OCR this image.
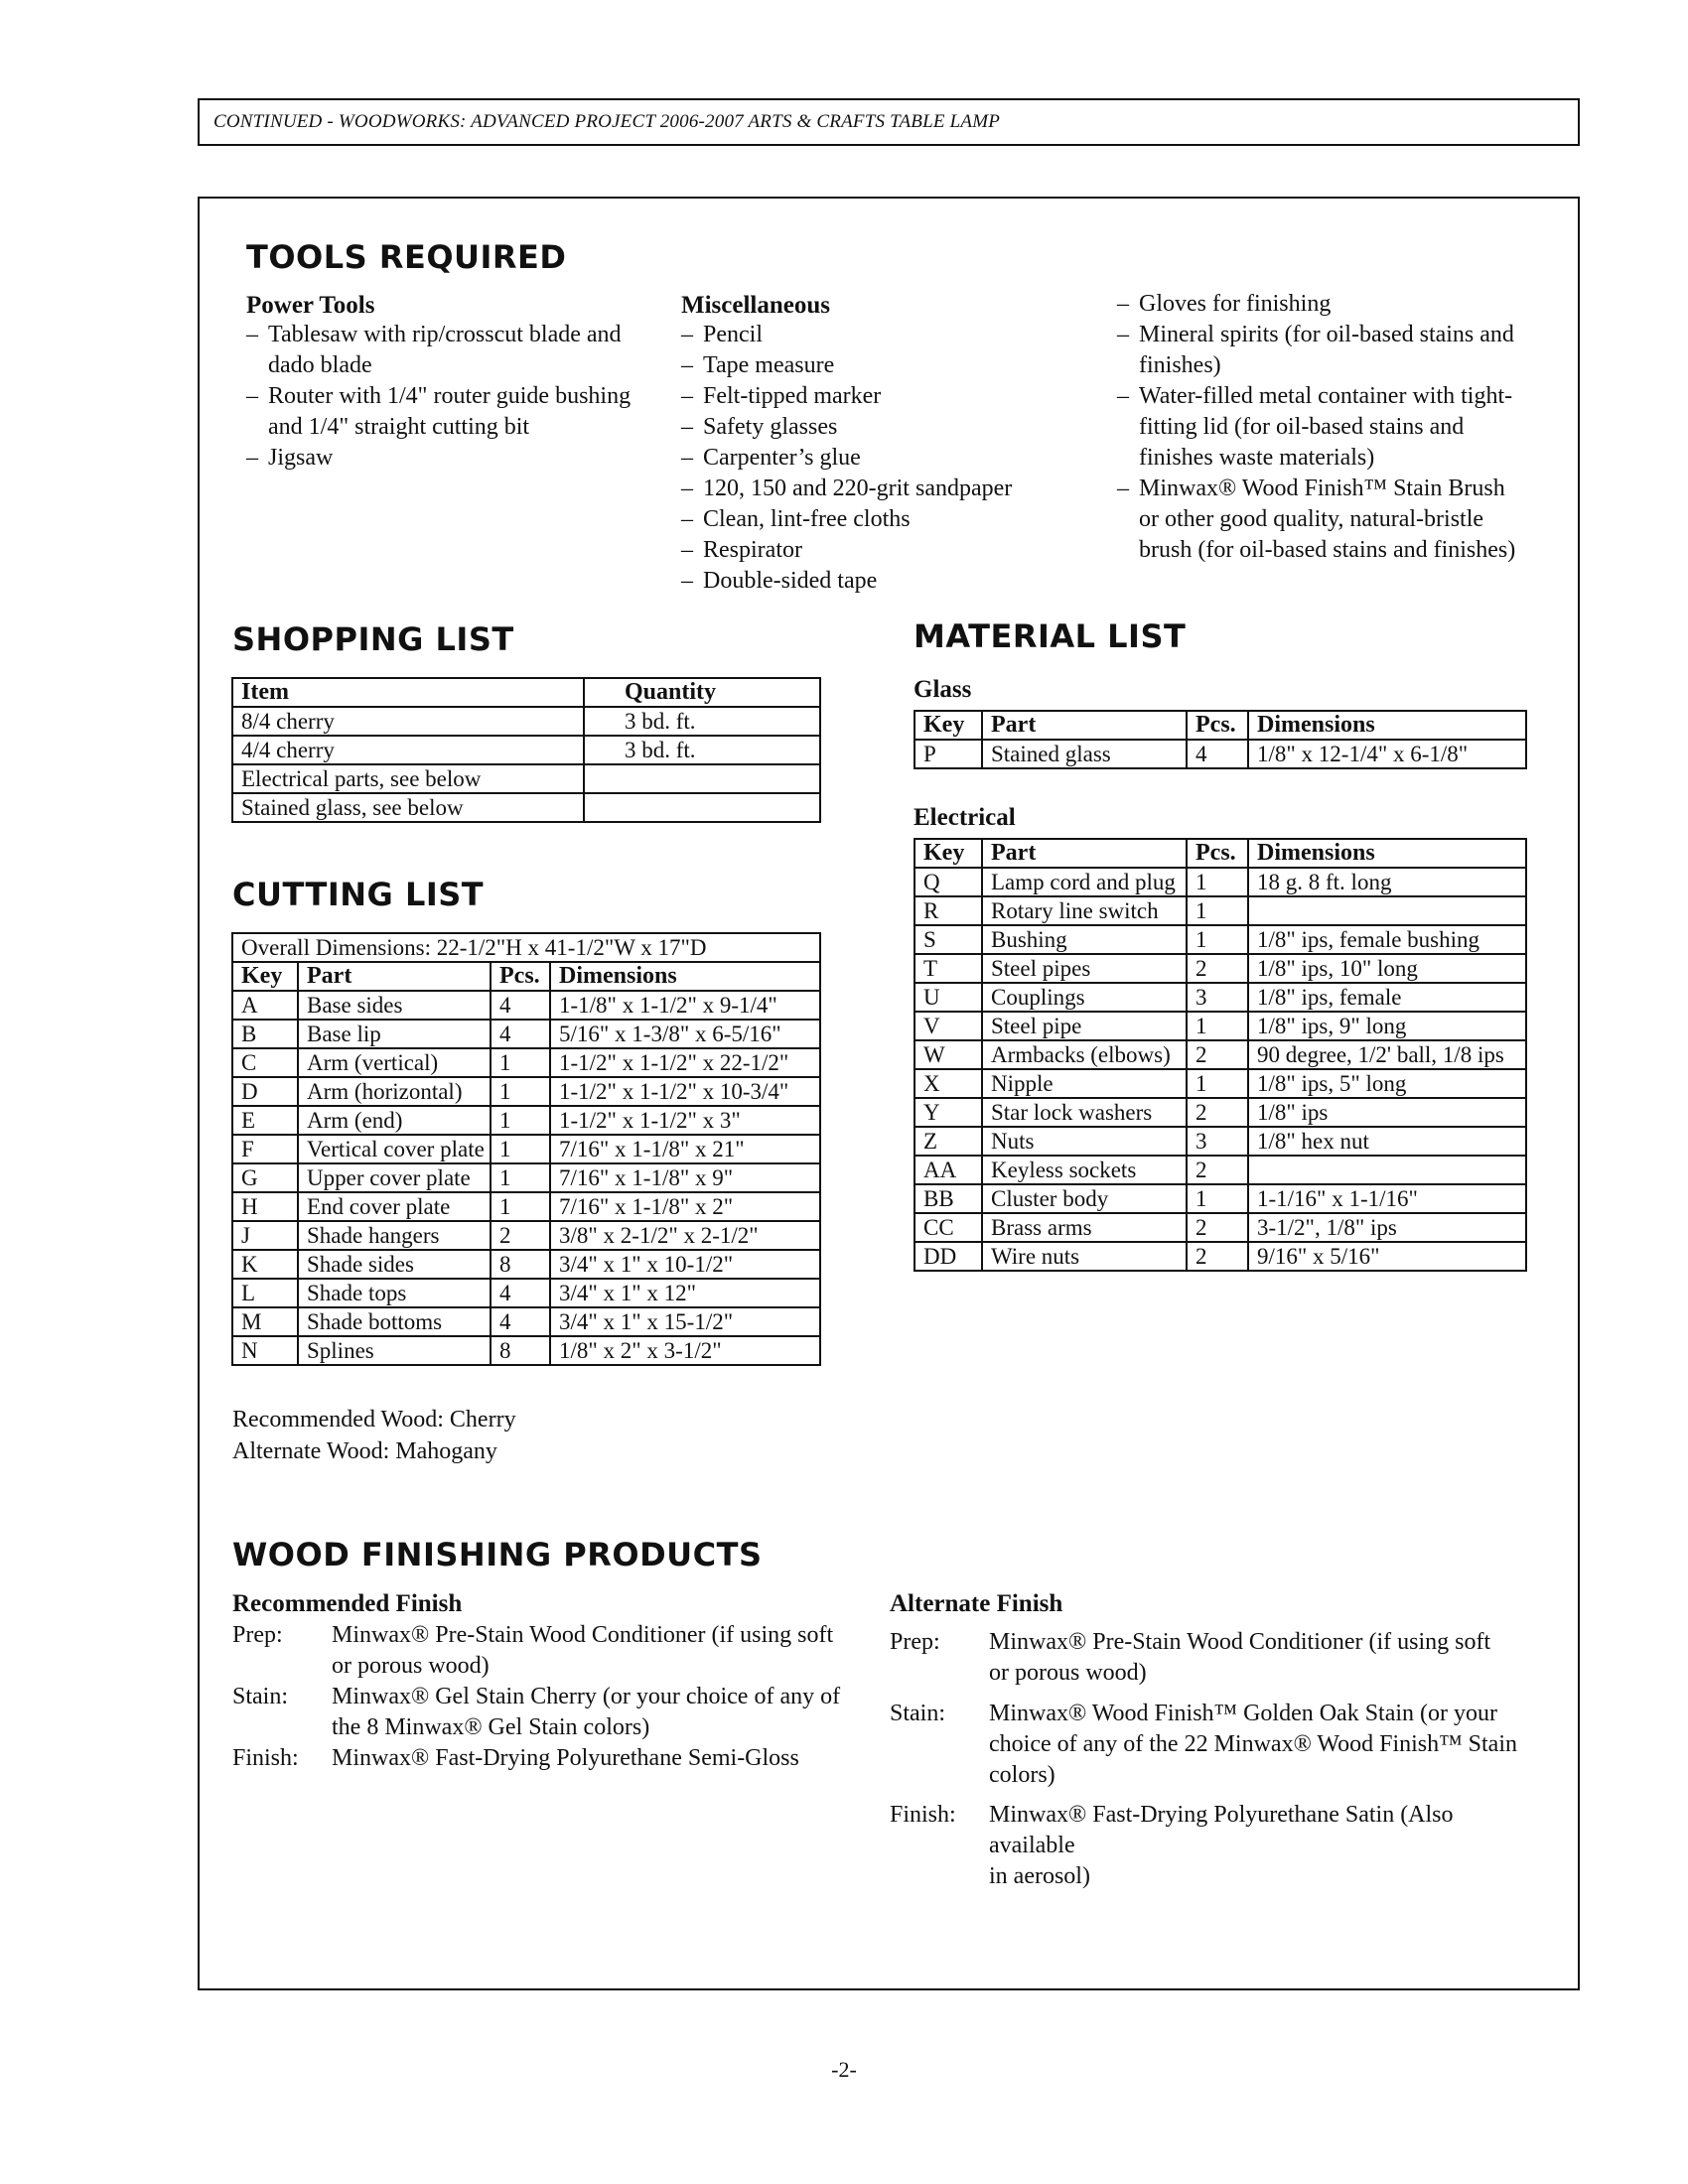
CONTINUED - WOODWORKS: ADVANCED PROJECT 2006-2007 ARTS & CRAFTS TABLE LAMP
TOOLS REQUIRED
Power Tools
– Tablesaw with rip/crosscut blade and dado blade
– Router with 1/4" router guide bushing and 1/4" straight cutting bit
– Jigsaw
Miscellaneous
– Pencil
– Tape measure
– Felt-tipped marker
– Safety glasses
– Carpenter’s glue
– 120, 150 and 220-grit sandpaper
– Clean, lint-free cloths
– Respirator
– Double-sided tape
– Gloves for finishing
– Mineral spirits (for oil-based stains and finishes)
– Water-filled metal container with tight-fitting lid (for oil-based stains and finishes waste materials)
– Minwax® Wood Finish™ Stain Brush or other good quality, natural-bristle brush (for oil-based stains and finishes)
SHOPPING LIST
Item	Quantity
8/4 cherry	3 bd. ft.
4/4 cherry	3 bd. ft.
Electrical parts, see below	
Stained glass, see below	
CUTTING LIST
Overall Dimensions: 22-1/2"H x 41-1/2"W x 17"D			
Key	Part	Pcs.	Dimensions
A	Base sides	4	1-1/8" x 1-1/2" x 9-1/4"
B	Base lip	4	5/16" x 1-3/8" x 6-5/16"
C	Arm (vertical)	1	1-1/2" x 1-1/2" x 22-1/2"
D	Arm (horizontal)	1	1-1/2" x 1-1/2" x 10-3/4"
E	Arm (end)	1	1-1/2" x 1-1/2" x 3"
F	Vertical cover plate	1	7/16" x 1-1/8" x 21"
G	Upper cover plate	1	7/16" x 1-1/8" x 9"
H	End cover plate	1	7/16" x 1-1/8" x 2"
J	Shade hangers	2	3/8" x 2-1/2" x 2-1/2"
K	Shade sides	8	3/4" x 1" x 10-1/2"
L	Shade tops	4	3/4" x 1" x 12"
M	Shade bottoms	4	3/4" x 1" x 15-1/2"
N	Splines	8	1/8" x 2" x 3-1/2"
Recommended Wood: Cherry
Alternate Wood: Mahogany
MATERIAL LIST
Glass
Key	Part	Pcs.	Dimensions
P	Stained glass	4	1/8" x 12-1/4" x 6-1/8"
Electrical
Key	Part	Pcs.	Dimensions
Q	Lamp cord and plug	1	18 g. 8 ft. long
R	Rotary line switch	1	
S	Bushing	1	1/8" ips, female bushing
T	Steel pipes	2	1/8" ips, 10" long
U	Couplings	3	1/8" ips, female
V	Steel pipe	1	1/8" ips, 9" long
W	Armbacks (elbows)	2	90 degree, 1/2' ball, 1/8 ips
X	Nipple	1	1/8" ips, 5" long
Y	Star lock washers	2	1/8" ips
Z	Nuts	3	1/8" hex nut
AA	Keyless sockets	2	
BB	Cluster body	1	1-1/16" x 1-1/16"
CC	Brass arms	2	3-1/2", 1/8" ips
DD	Wire nuts	2	9/16" x 5/16"
WOOD FINISHING PRODUCTS
Recommended Finish
Prep: Minwax® Pre-Stain Wood Conditioner (if using soft
or porous wood)
Stain: Minwax® Gel Stain Cherry (or your choice of any of
the 8 Minwax® Gel Stain colors)
Finish: Minwax® Fast-Drying Polyurethane Semi-Gloss
Alternate Finish
Prep: Minwax® Pre-Stain Wood Conditioner (if using soft
or porous wood)
Stain: Minwax® Wood Finish™ Golden Oak Stain (or your
choice of any of the 22 Minwax® Wood Finish™ Stain
colors)
Finish: Minwax® Fast-Drying Polyurethane Satin (Also available
in aerosol)
-2-
